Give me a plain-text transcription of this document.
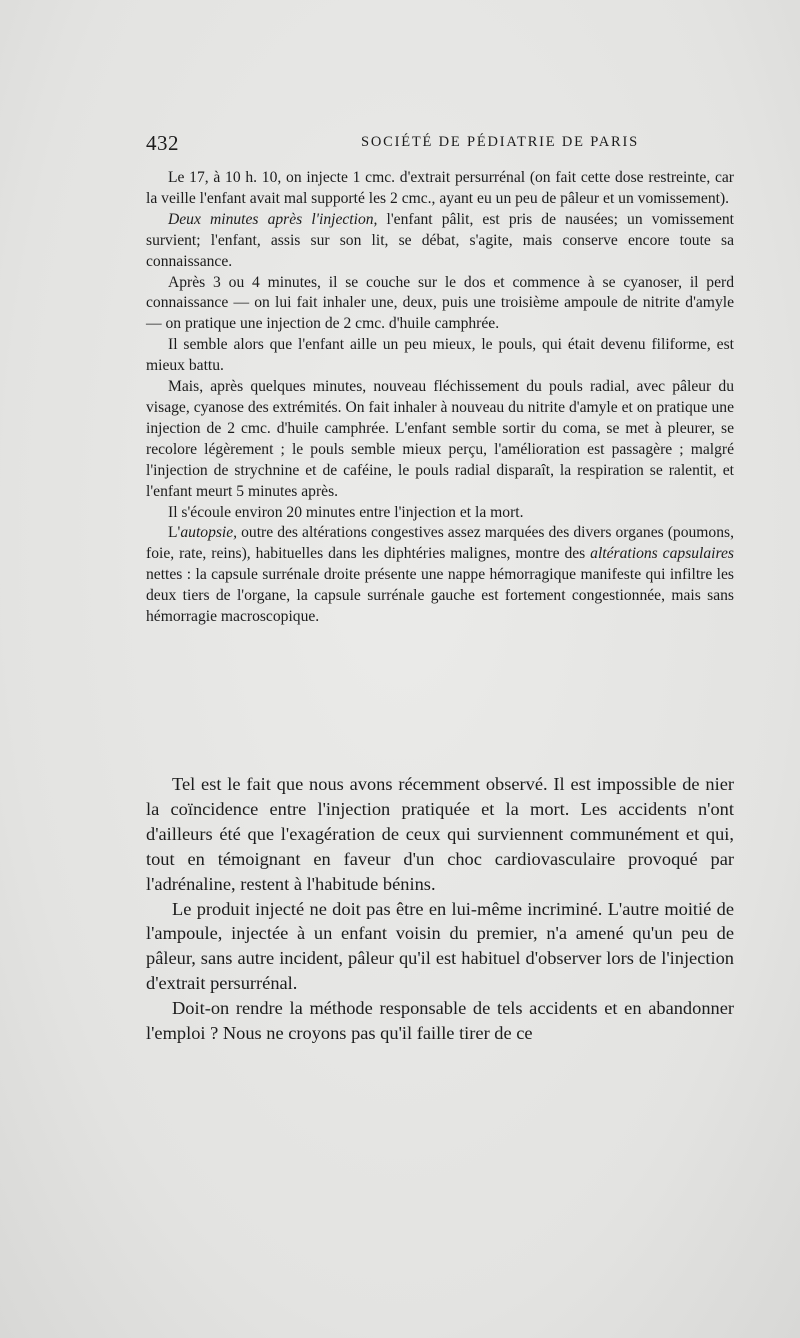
432	SOCIÉTÉ DE PÉDIATRIE DE PARIS

Le 17, à 10 h. 10, on injecte 1 cmc. d'extrait persurrénal (on fait cette dose restreinte, car la veille l'enfant avait mal supporté les 2 cmc., ayant eu un peu de pâleur et un vomissement).

Deux minutes après l'injection, l'enfant pâlit, est pris de nausées; un vomissement survient; l'enfant, assis sur son lit, se débat, s'agite, mais conserve encore toute sa connaissance.

Après 3 ou 4 minutes, il se couche sur le dos et commence à se cyanoser, il perd connaissance — on lui fait inhaler une, deux, puis une troisième ampoule de nitrite d'amyle — on pratique une injection de 2 cmc. d'huile camphrée.

Il semble alors que l'enfant aille un peu mieux, le pouls, qui était devenu filiforme, est mieux battu.

Mais, après quelques minutes, nouveau fléchissement du pouls radial, avec pâleur du visage, cyanose des extrémités. On fait inhaler à nouveau du nitrite d'amyle et on pratique une injection de 2 cmc. d'huile camphrée. L'enfant semble sortir du coma, se met à pleurer, se recolore légèrement ; le pouls semble mieux perçu, l'amélioration est passagère ; malgré l'injection de strychnine et de caféine, le pouls radial disparaît, la respiration se ralentit, et l'enfant meurt 5 minutes après.

Il s'écoule environ 20 minutes entre l'injection et la mort.

L'autopsie, outre des altérations congestives assez marquées des divers organes (poumons, foie, rate, reins), habituelles dans les diphtéries malignes, montre des altérations capsulaires nettes : la capsule surrénale droite présente une nappe hémorragique manifeste qui infiltre les deux tiers de l'organe, la capsule surrénale gauche est fortement congestionnée, mais sans hémorragie macroscopique.

Tel est le fait que nous avons récemment observé. Il est impossible de nier la coïncidence entre l'injection pratiquée et la mort. Les accidents n'ont d'ailleurs été que l'exagération de ceux qui surviennent communément et qui, tout en témoignant en faveur d'un choc cardiovasculaire provoqué par l'adrénaline, restent à l'habitude bénins.

Le produit injecté ne doit pas être en lui-même incriminé. L'autre moitié de l'ampoule, injectée à un enfant voisin du premier, n'a amené qu'un peu de pâleur, sans autre incident, pâleur qu'il est habituel d'observer lors de l'injection d'extrait persurrénal.

Doit-on rendre la méthode responsable de tels accidents et en abandonner l'emploi ? Nous ne croyons pas qu'il faille tirer de ce
